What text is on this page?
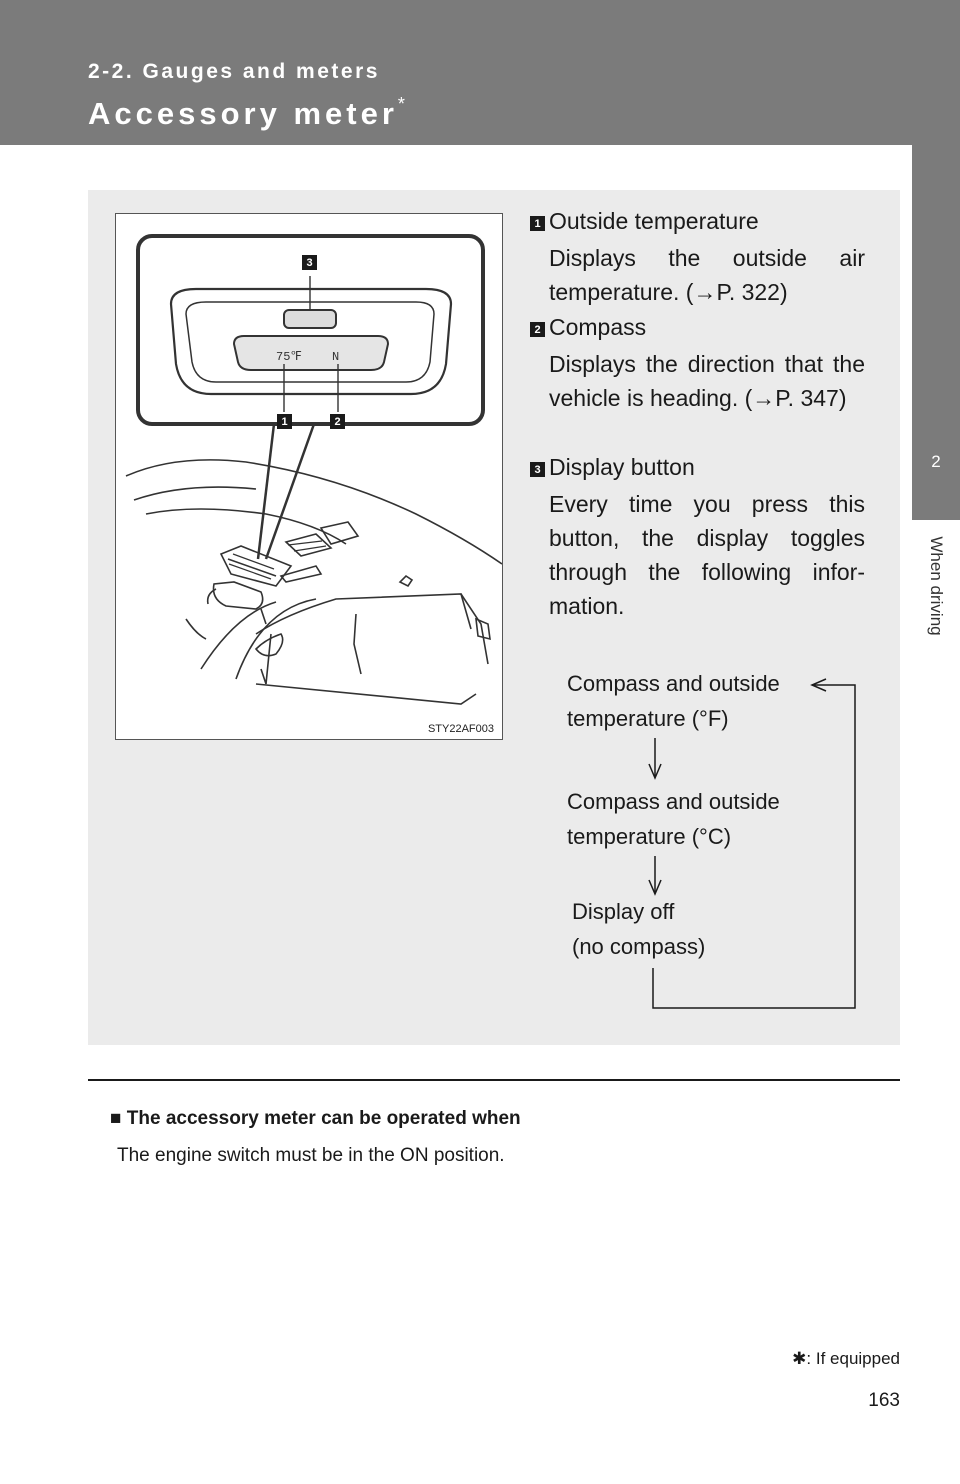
2-2. Gauges and meters
Accessory meter*
2
When driving
75℉	N
3
1	2
STY22AF003
1 Outside temperature
Displays the outside air temperature. (→P. 322)
2 Compass
Displays the direction that the vehicle is heading. (→P. 347)
3 Display button
Every time you press this button, the display toggles through the following infor-mation.
Compass and outside
temperature (°F)
Compass and outside
temperature (°C)
Display off
(no compass)
■ The accessory meter can be operated when
The engine switch must be in the ON position.
✱: If equipped
163
